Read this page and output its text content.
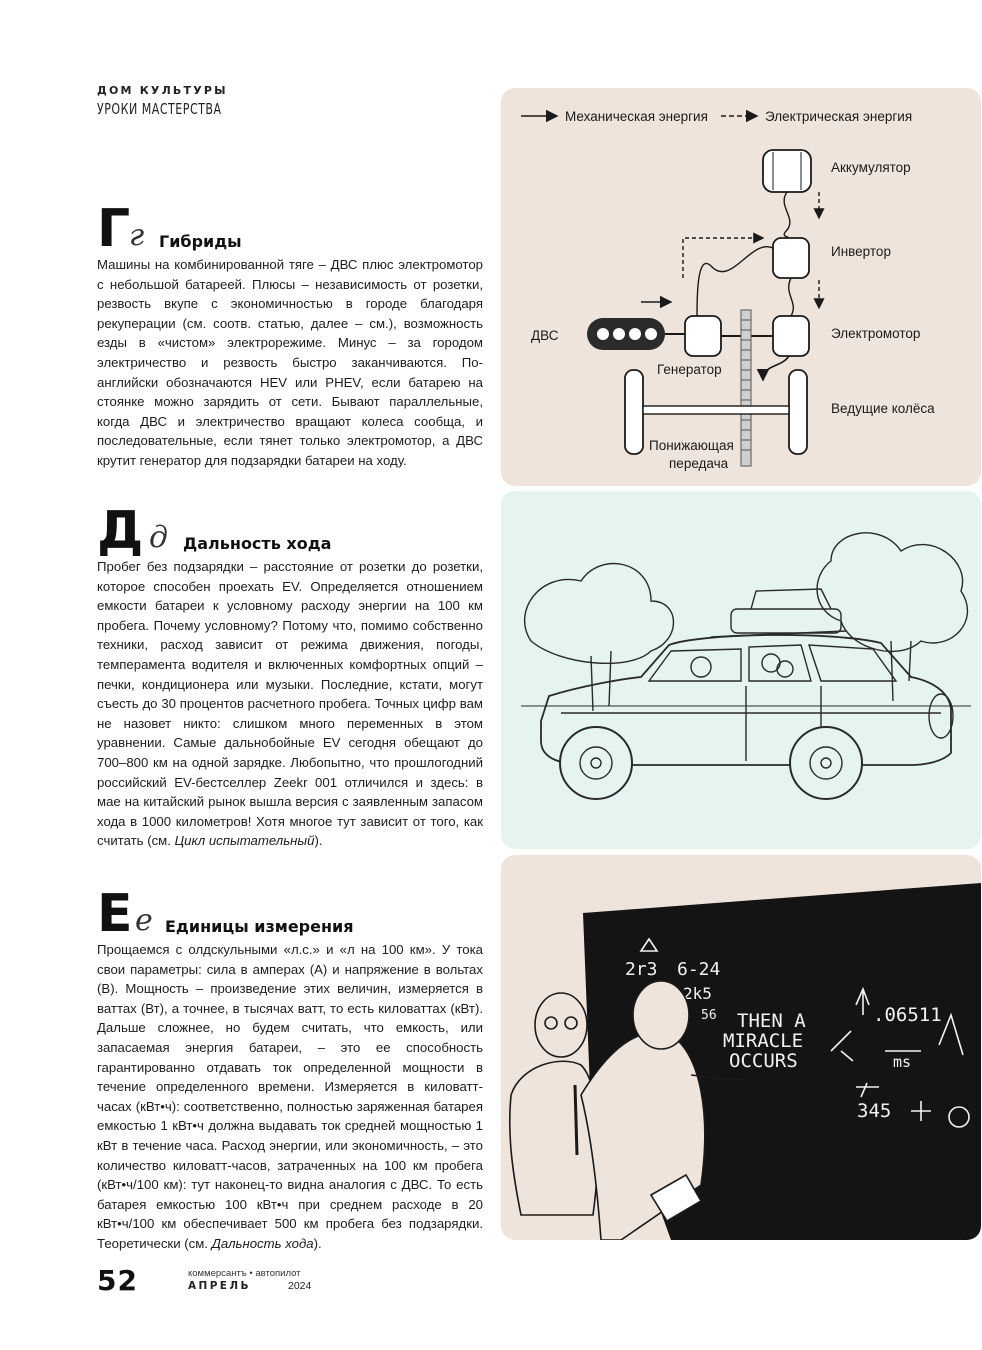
ДОМ КУЛЬТУРЫ
УРОКИ МАСТЕРСТВА
Г
г Гибриды
Машины на комбинированной тяге – ДВС плюс электромотор с небольшой батареей. Плюсы – независимость от розетки, резвость вкупе с экономичностью в городе благодаря рекуперации (см. соотв. статью, далее – см.), возможность езды в «чистом» электрорежиме. Минус – за городом электричество и резвость быстро заканчиваются. По-английски обозначаются HEV или PHEV, если батарею на стоянке можно зарядить от сети. Бывают параллельные, когда ДВС и электричество вращают колеса сообща, и последовательные, если тянет только электромотор, а ДВС крутит генератор для подзарядки батареи на ходу.
Д д Дальность хода
Пробег без подзарядки – расстояние от розетки до розетки, которое способен проехать EV. Определяется отношением емкости батареи к условному расходу энергии на 100 км пробега. Почему условному? Потому что, помимо собственно техники, расход зависит от режима движения, погоды, темперамента водителя и включенных комфортных опций – печки, кондиционера или музыки. Последние, кстати, могут съесть до 30 процентов расчетного пробега. Точных цифр вам не назовет никто: слишком много переменных в этом уравнении. Самые дальнобойные EV сегодня обещают до 700–800 км на одной зарядке. Любопытно, что прошлогодний российский EV-бестселлер Zeekr 001 отличился и здесь: в мае на китайский рынок вышла версия с заявленным запасом хода в 1000 километров! Хотя многое тут зависит от того, как считать (см. Цикл испытательный).
Е е Единицы измерения
Прощаемся с олдскульными «л.с.» и «л на 100 км». У тока свои параметры: сила в амперах (А) и напряжение в вольтах (В). Мощность – произведение этих величин, измеряется в ваттах (Вт), а точнее, в тысячах ватт, то есть киловаттах (кВт). Дальше сложнее, но будем считать, что емкость, или запасаемая энергия батареи, – это ее способность гарантированно отдавать ток определенной мощности в течение определенного времени. Измеряется в киловатт-часах (кВт•ч): соответственно, полностью заряженная батарея емкостью 1 кВт•ч должна выдавать ток средней мощностью 1 кВт в течение часа. Расход энергии, или экономичность, – это количество киловатт-часов, затраченных на 100 км пробега (кВт•ч/100 км): тут наконец-то видна аналогия с ДВС. То есть батарея емкостью 100 кВт•ч при среднем расходе в 20 кВт•ч/100 км обеспечивает 500 км пробега без подзарядки. Теоретически (см. Дальность хода).
Механическая энергия	Электрическая энергия
Аккумулятор
Инвертор
ДВС
Генератор
Электромотор
Ведущие колёса
Понижающая
передача
2r3 6-24
2k5
56 THEN A
MIRACLE
OCCURS
.06511
ms
345
52	коммерсантъ • автопилот
АПРЕЛЬ	2024
